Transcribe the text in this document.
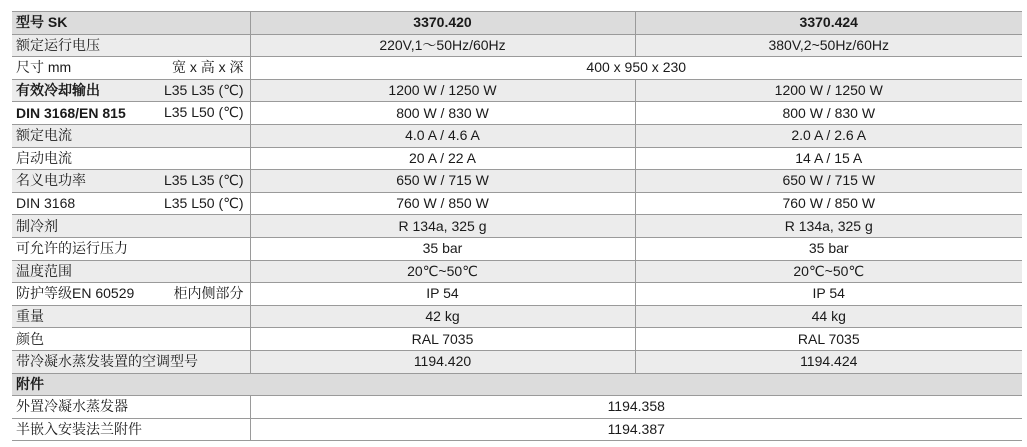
型号 SK	3370.420	3370.424
额定运行电压	220V,1〜50Hz/60Hz	380V,2~50Hz/60Hz
尺寸 mm 宽 x 高 x 深	400 x 950 x 230	
有效冷却输出 L35 L35 (℃)	1200 W / 1250 W	1200 W / 1250 W
DIN 3168/EN 815 L35 L50 (℃)	800 W / 830 W	800 W / 830 W
额定电流	4.0 A / 4.6 A	2.0 A / 2.6 A
启动电流	20 A / 22 A	14 A / 15 A
名义电功率 L35 L35 (℃)	650 W / 715 W	650 W / 715 W
DIN 3168 L35 L50 (℃)	760 W / 850 W	760 W / 850 W
制冷剂	R 134a, 325 g	R 134a, 325 g
可允许的运行压力	35 bar	35 bar
温度范围	20℃~50℃	20℃~50℃
防护等级EN 60529 柜内侧部分	IP 54	IP 54
重量	42 kg	44 kg
颜色	RAL 7035	RAL 7035
带冷凝水蒸发装置的空调型号	1194.420	1194.424
附件		
外置冷凝水蒸发器	1194.358	
半嵌入安装法兰附件	1194.387	
